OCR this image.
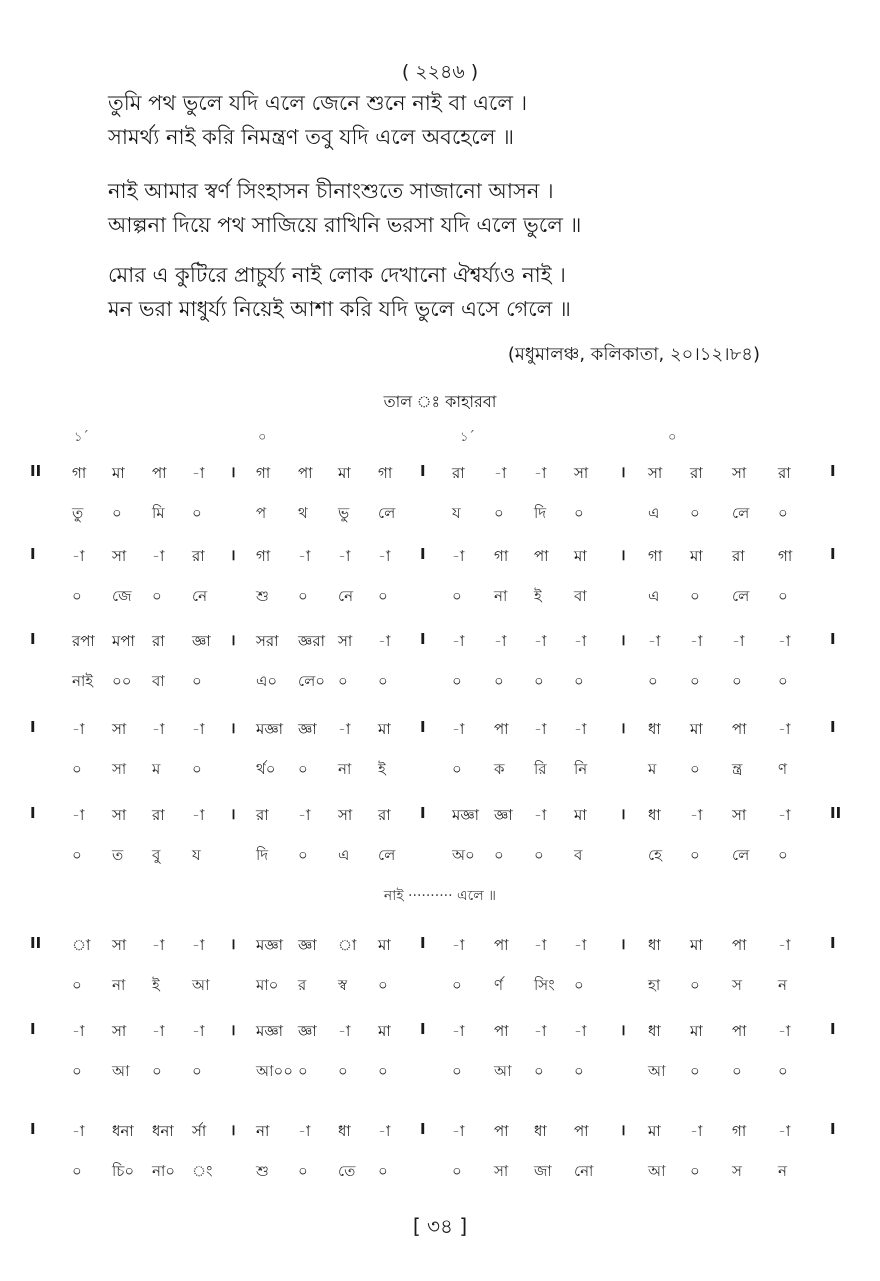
( ২২৪৬ )
তুমি পথ ভুলে যদি এলে জেনে শুনে নাই বা এলে ।
সামর্থ্য নাই করি নিমন্ত্রণ তবু যদি এলে অবহেলে ॥
নাই আমার স্বর্ণ সিংহাসন চীনাংশুতে সাজানো আসন ।
আল্পনা দিয়ে পথ সাজিয়ে রাখিনি ভরসা যদি এলে ভুলে ॥
মোর এ কুটিরে প্রাচুর্য্য নাই লোক দেখানো ঐশ্বর্য্যও নাই ।
মন ভরা মাধুর্য্য নিয়েই আশা করি যদি ভুলে এসে গেলে ॥
(মধুমালঞ্চ, কলিকাতা, ২০।১২।৮৪)
তাল ঃ কাহারবা
১´	০	১´	০
II	।	I	।	I
গা মা পা -া	গা পা মা গা	রা -া -া সা	সা রা সা রা
তু ০ মি ০	প থ ভু লে	য ০ দি ০	এ ০ লে ০
I	।	I	।	I
-া সা -া রা	গা -া -া -া	-া গা পা মা	গা মা রা গা
০ জে ০ নে	শু ০ নে ০	০ না ই বা	এ ০ লে ০
I	।	I	।	I
রপা মপা রা জ্ঞা	সরা জ্ঞরা সা -া	-া -া -া -া	-া -া -া -া
নাই ০০ বা ০	এ০ লে০ ০ ০	০ ০ ০ ০	০ ০ ০ ০
I	।	I	।	I
-া সা -া -া	মজ্ঞা জ্ঞা -া মা	-া পা -া -া	ধা মা পা -া
০ সা ম ০	র্থ০ ০ না ই	০ ক রি নি	ম ০ ন্ত্র ণ
I	।	I	।	II
-া সা রা -া	রা -া সা রা	মজ্ঞা জ্ঞা -া মা	ধা -া সা -া
০ ত বু য	দি ০ এ লে	অ০ ০ ০ ব	হে ০ লে ০
II	।	I	।	I
া সা -া -া	মজ্ঞা জ্ঞা া মা	-া পা -া -া	ধা মা পা -া
০ না ই আ	মা০ র স্ব ০	০ র্ণ সিং ০	হা ০ স ন
I	।	I	।	I
-া সা -া -া	মজ্ঞা জ্ঞা -া মা	-া পা -া -া	ধা মা পা -া
০ আ ০ ০	আ০০ ০ ০ ০	০ আ ০ ০	আ ০ ০ ০
I	।	I	।	I
-া ধনা ধনা র্সা	না -া ধা -া	-া পা ধা পা	মা -া গা -া
০ চি০ না০ ং	শু ০ তে ০	০ সা জা নো	আ ০ স ন
নাই ·········· এলে ॥
[ ৩৪ ]
